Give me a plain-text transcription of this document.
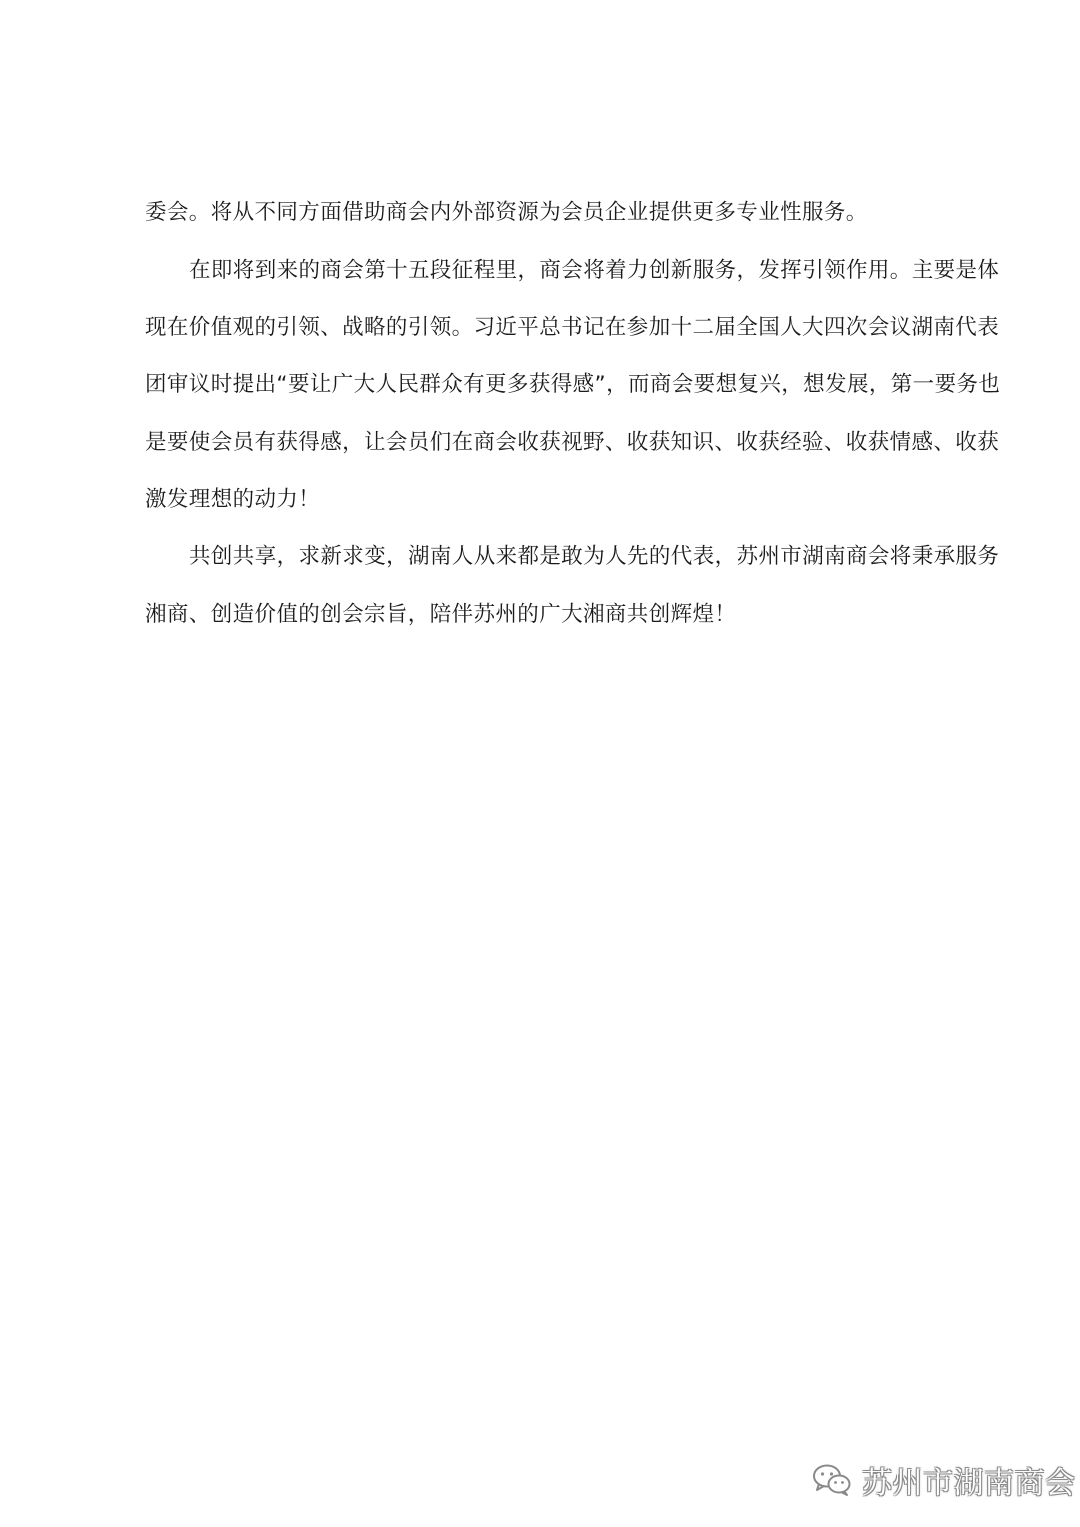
委会。将从不同方面借助商会内外部资源为会员企业提供更多专业性服务。
在即将到来的商会第十五段征程里，商会将着力创新服务，发挥引领作用。主要是体
现在价值观的引领、战略的引领。习近平总书记在参加十二届全国人大四次会议湖南代表
团审议时提出“要让广大人民群众有更多获得感”，而商会要想复兴，想发展，第一要务也
是要使会员有获得感，让会员们在商会收获视野、收获知识、收获经验、收获情感、收获
激发理想的动力！
共创共享，求新求变，湖南人从来都是敢为人先的代表，苏州市湖南商会将秉承服务
湘商、创造价值的创会宗旨，陪伴苏州的广大湘商共创辉煌！
苏州市湖南商会
